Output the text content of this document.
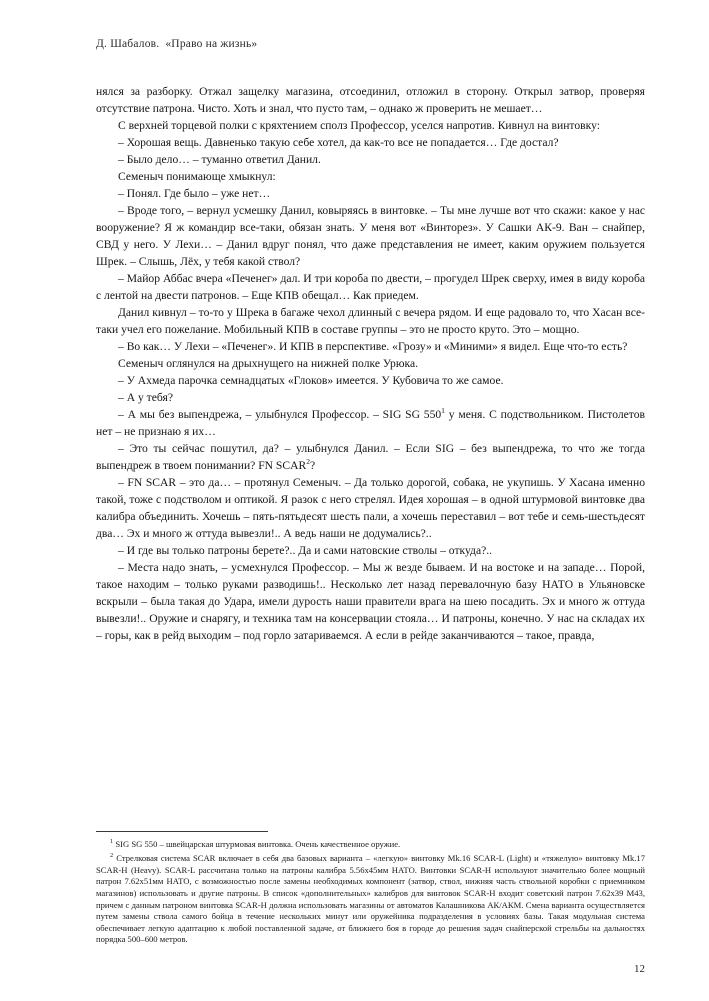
Д. Шабалов. «Право на жизнь»

нялся за разборку. Отжал защелку магазина, отсоединил, отложил в сторону. Открыл затвор, проверяя отсутствие патрона. Чисто. Хоть и знал, что пусто там, – однако ж проверить не мешает…

С верхней торцевой полки с кряхтением сполз Профессор, уселся напротив. Кивнул на винтовку:

– Хорошая вещь. Давненько такую себе хотел, да как-то все не попадается… Где достал?

– Было дело… – туманно ответил Данил.

Семеныч понимающе хмыкнул:

– Понял. Где было – уже нет…

– Вроде того, – вернул усмешку Данил, ковыряясь в винтовке. – Ты мне лучше вот что скажи: какое у нас вооружение? Я ж командир все-таки, обязан знать. У меня вот «Винторез». У Сашки АК-9. Ван – снайпер, СВД у него. У Лехи… – Данил вдруг понял, что даже представления не имеет, каким оружием пользуется Шрек. – Слышь, Лёх, у тебя какой ствол?

– Майор Аббас вчера «Печенег» дал. И три короба по двести, – прогудел Шрек сверху, имея в виду короба с лентой на двести патронов. – Еще КПВ обещал… Как приедем.

Данил кивнул – то-то у Шрека в багаже чехол длинный с вечера рядом. И еще радовало то, что Хасан все-таки учел его пожелание. Мобильный КПВ в составе группы – это не просто круто. Это – мощно.

– Во как… У Лехи – «Печенег». И КПВ в перспективе. «Грозу» и «Миними» я видел. Еще что-то есть?

Семеныч оглянулся на дрыхнущего на нижней полке Урюка.

– У Ахмеда парочка семнадцатых «Глоков» имеется. У Кубовича то же самое.

– А у тебя?

– А мы без выпендрежа, – улыбнулся Профессор. – SIG SG $550^1$ у меня. С подствольником. Пистолетов нет – не признаю я их…

– Это ты сейчас пошутил, да? – улыбнулся Данил. – Если SIG – без выпендрежа, то что же тогда выпендреж в твоем понимании? FN SCAR$^2$?

– FN SCAR – это да… – протянул Семеныч. – Да только дорогой, собака, не укупишь. У Хасана именно такой, тоже с подстволом и оптикой. Я разок с него стрелял. Идея хорошая – в одной штурмовой винтовке два калибра объединить. Хочешь – пять-пятьдесят шесть пали, а хочешь переставил – вот тебе и семь-шестьдесят два… Эх и много ж оттуда вывезли!.. А ведь наши не додумались?..

– И где вы только патроны берете?.. Да и сами натовские стволы – откуда?..

– Места надо знать, – усмехнулся Профессор. – Мы ж везде бываем. И на востоке и на западе… Порой, такое находим – только руками разводишь!.. Несколько лет назад перевалочную базу НАТО в Ульяновске вскрыли – была такая до Удара, имели дурость наши правители врага на шею посадить. Эх и много ж оттуда вывезли!.. Оружие и снарягу, и техника там на консервации стояла… И патроны, конечно. У нас на складах их – горы, как в рейд выходим – под горло затариваемся. А если в рейде заканчиваются – такое, правда,

$^1$ SIG SG 550 – швейцарская штурмовая винтовка. Очень качественное оружие.

$^2$ Стрелковая система SCAR включает в себя два базовых варианта – «легкую» винтовку Mk.16 SCAR-L (Light) и «тяжелую» винтовку Mk.17 SCAR-H (Heavy). SCAR-L рассчитана только на патроны калибра 5.56х45мм НАТО. Винтовки SCAR-H используют значительно более мощный патрон 7.62х51мм НАТО, с возможностью после замены необходимых компонент (затвор, ствол, нижняя часть ствольной коробки с приемником магазинов) использовать и другие патроны. В список «дополнительных» калибров для винтовок SCAR-H входит советский патрон 7.62х39 M43, причем с данным патроном винтовка SCAR-H должна использовать магазины от автоматов Калашникова АК/АКМ. Смена варианта осуществляется путем замены ствола самого бойца в течение нескольких минут или оружейника подразделения в условиях базы. Такая модульная система обеспечивает легкую адаптацию к любой поставленной задаче, от ближнего боя в городе до решения задач снайперской стрельбы на дальностях порядка 500–600 метров.

12
